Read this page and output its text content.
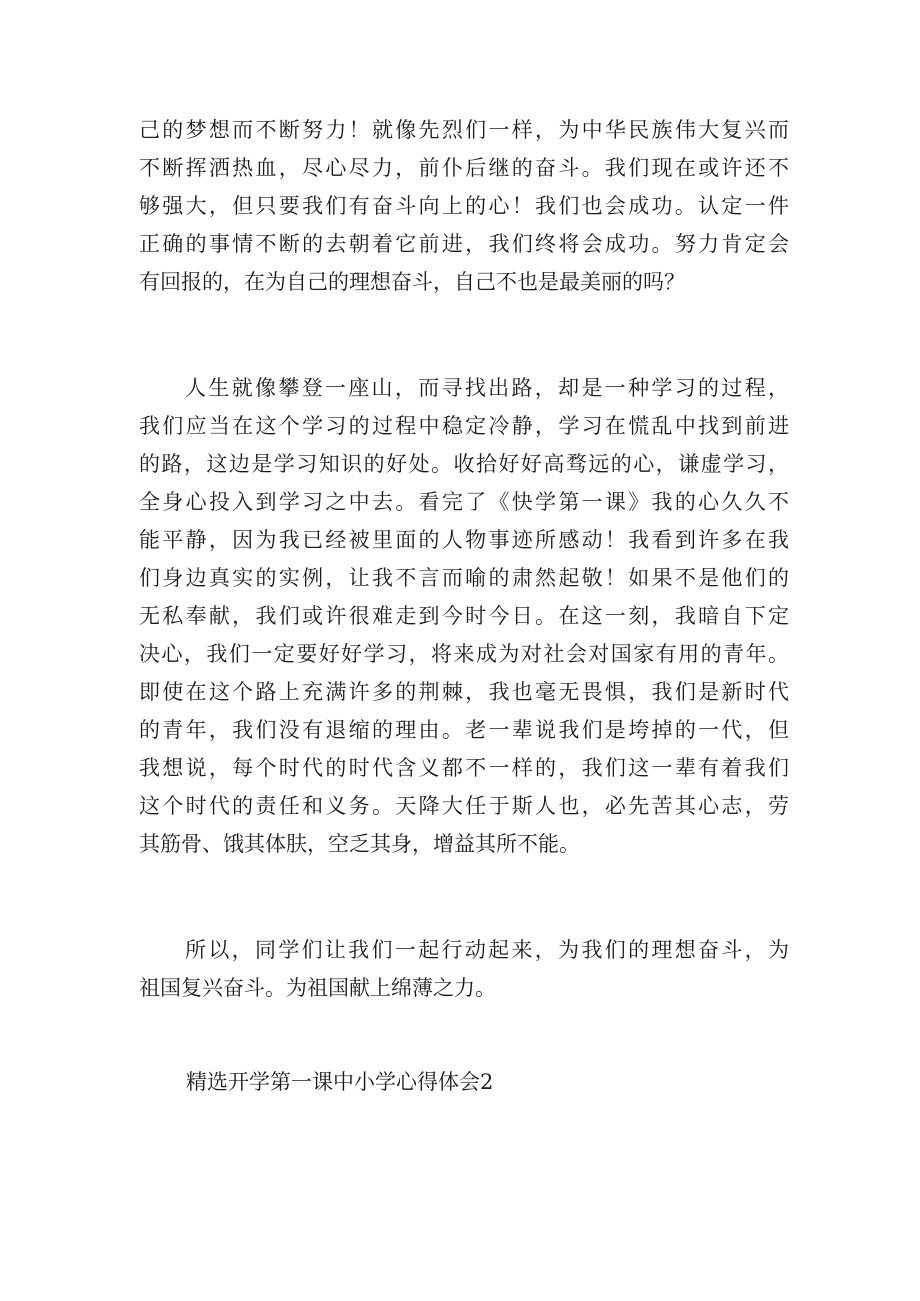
己的梦想而不断努力！就像先烈们一样，为中华民族伟大复兴而
不断挥洒热血，尽心尽力，前仆后继的奋斗。我们现在或许还不
够强大，但只要我们有奋斗向上的心！我们也会成功。认定一件
正确的事情不断的去朝着它前进，我们终将会成功。努力肯定会
有回报的，在为自己的理想奋斗，自己不也是最美丽的吗？
人生就像攀登一座山，而寻找出路，却是一种学习的过程，
我们应当在这个学习的过程中稳定冷静，学习在慌乱中找到前进
的路，这边是学习知识的好处。收拾好好高骛远的心，谦虚学习，
全身心投入到学习之中去。看完了《快学第一课》我的心久久不
能平静，因为我已经被里面的人物事迹所感动！我看到许多在我
们身边真实的实例，让我不言而喻的肃然起敬！如果不是他们的
无私奉献，我们或许很难走到今时今日。在这一刻，我暗自下定
决心，我们一定要好好学习，将来成为对社会对国家有用的青年。
即使在这个路上充满许多的荆棘，我也毫无畏惧，我们是新时代
的青年，我们没有退缩的理由。老一辈说我们是垮掉的一代，但
我想说，每个时代的时代含义都不一样的，我们这一辈有着我们
这个时代的责任和义务。天降大任于斯人也，必先苦其心志，劳
其筋骨、饿其体肤，空乏其身，增益其所不能。
所以，同学们让我们一起行动起来，为我们的理想奋斗，为
祖国复兴奋斗。为祖国献上绵薄之力。
精选开学第一课中小学心得体会2
